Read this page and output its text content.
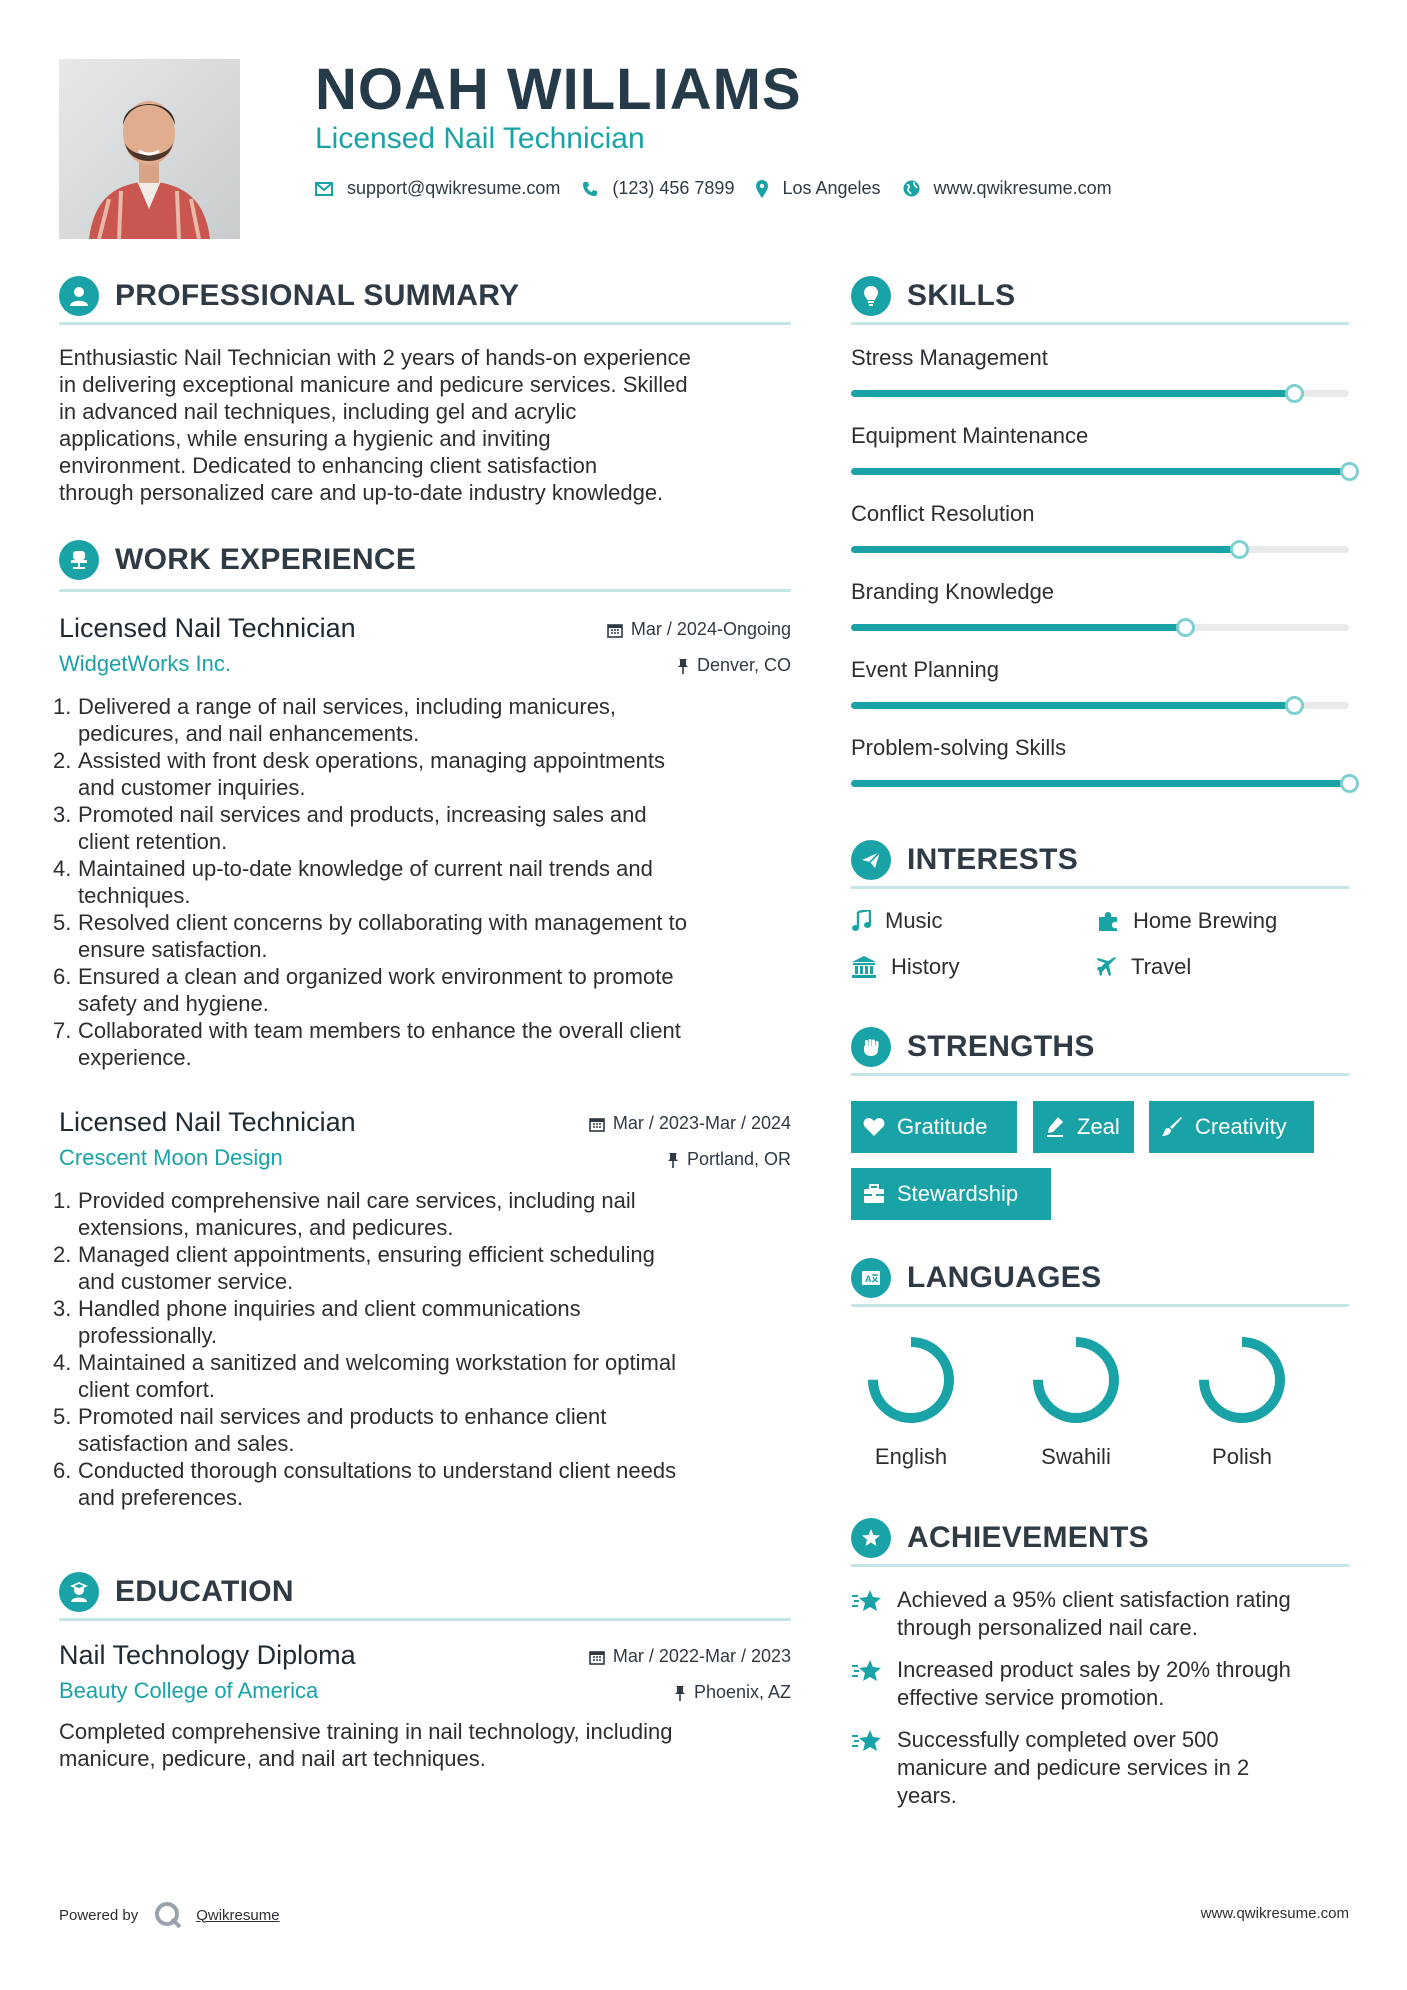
NOAH WILLIAMS
Licensed Nail Technician
support@qwikresume.com	(123) 456 7899	Los Angeles	www.qwikresume.com
PROFESSIONAL SUMMARY
Enthusiastic Nail Technician with 2 years of hands-on experience
in delivering exceptional manicure and pedicure services. Skilled
in advanced nail techniques, including gel and acrylic
applications, while ensuring a hygienic and inviting
environment. Dedicated to enhancing client satisfaction
through personalized care and up-to-date industry knowledge.
WORK EXPERIENCE
Licensed Nail Technician	Mar / 2024-Ongoing
WidgetWorks Inc.	Denver, CO
1. Delivered a range of nail services, including manicures,
pedicures, and nail enhancements.
2. Assisted with front desk operations, managing appointments
and customer inquiries.
3. Promoted nail services and products, increasing sales and
client retention.
4. Maintained up-to-date knowledge of current nail trends and
techniques.
5. Resolved client concerns by collaborating with management to
ensure satisfaction.
6. Ensured a clean and organized work environment to promote
safety and hygiene.
7. Collaborated with team members to enhance the overall client
experience.
Licensed Nail Technician	Mar / 2023-Mar / 2024
Crescent Moon Design	Portland, OR
1. Provided comprehensive nail care services, including nail
extensions, manicures, and pedicures.
2. Managed client appointments, ensuring efficient scheduling
and customer service.
3. Handled phone inquiries and client communications
professionally.
4. Maintained a sanitized and welcoming workstation for optimal
client comfort.
5. Promoted nail services and products to enhance client
satisfaction and sales.
6. Conducted thorough consultations to understand client needs
and preferences.
EDUCATION
Nail Technology Diploma	Mar / 2022-Mar / 2023
Beauty College of America	Phoenix, AZ
Completed comprehensive training in nail technology, including
manicure, pedicure, and nail art techniques.
SKILLS
Stress Management
Equipment Maintenance
Conflict Resolution
Branding Knowledge
Event Planning
Problem-solving Skills
INTERESTS
Music	Home Brewing
History	Travel
STRENGTHS
Gratitude	Zeal	Creativity
Stewardship
A LANGUAGES
English	Swahili	Polish
ACHIEVEMENTS
Achieved a 95% client satisfaction rating
through personalized nail care.
Increased product sales by 20% through
effective service promotion.
Successfully completed over 500
manicure and pedicure services in 2
years.
Powered by	Qwikresume	www.qwikresume.com
